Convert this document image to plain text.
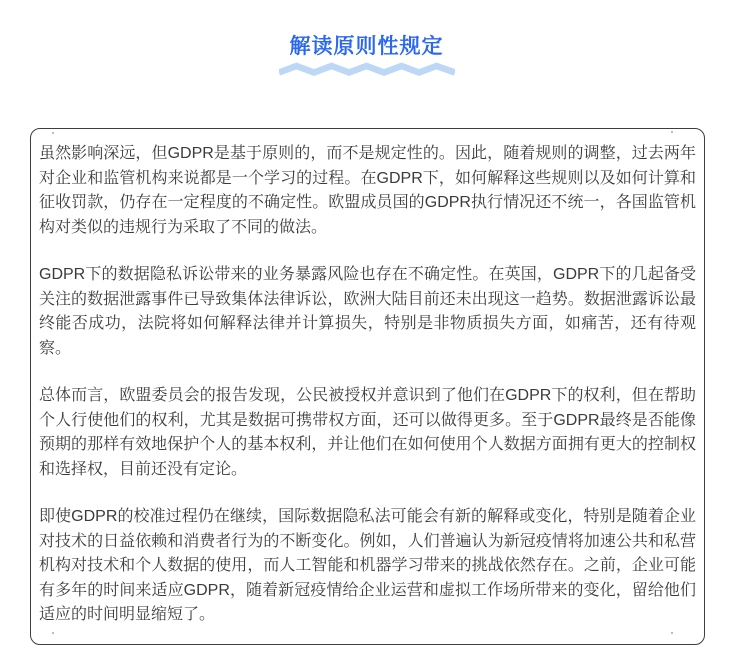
解读原则性规定

虽然影响深远，但GDPR是基于原则的，而不是规定性的。因此，随着规则的调整，过去两年对企业和监管机构来说都是一个学习的过程。在GDPR下，如何解释这些规则以及如何计算和征收罚款，仍存在一定程度的不确定性。欧盟成员国的GDPR执行情况还不统一，各国监管机构对类似的违规行为采取了不同的做法。

GDPR下的数据隐私诉讼带来的业务暴露风险也存在不确定性。在英国，GDPR下的几起备受关注的数据泄露事件已导致集体法律诉讼，欧洲大陆目前还未出现这一趋势。数据泄露诉讼最终能否成功，法院将如何解释法律并计算损失，特别是非物质损失方面，如痛苦，还有待观察。

总体而言，欧盟委员会的报告发现，公民被授权并意识到了他们在GDPR下的权利，但在帮助个人行使他们的权利，尤其是数据可携带权方面，还可以做得更多。至于GDPR最终是否能像预期的那样有效地保护个人的基本权利，并让他们在如何使用个人数据方面拥有更大的控制权和选择权，目前还没有定论。

即使GDPR的校准过程仍在继续，国际数据隐私法可能会有新的解释或变化，特别是随着企业对技术的日益依赖和消费者行为的不断变化。例如，人们普遍认为新冠疫情将加速公共和私营机构对技术和个人数据的使用，而人工智能和机器学习带来的挑战依然存在。之前，企业可能有多年的时间来适应GDPR，随着新冠疫情给企业运营和虚拟工作场所带来的变化，留给他们适应的时间明显缩短了。
